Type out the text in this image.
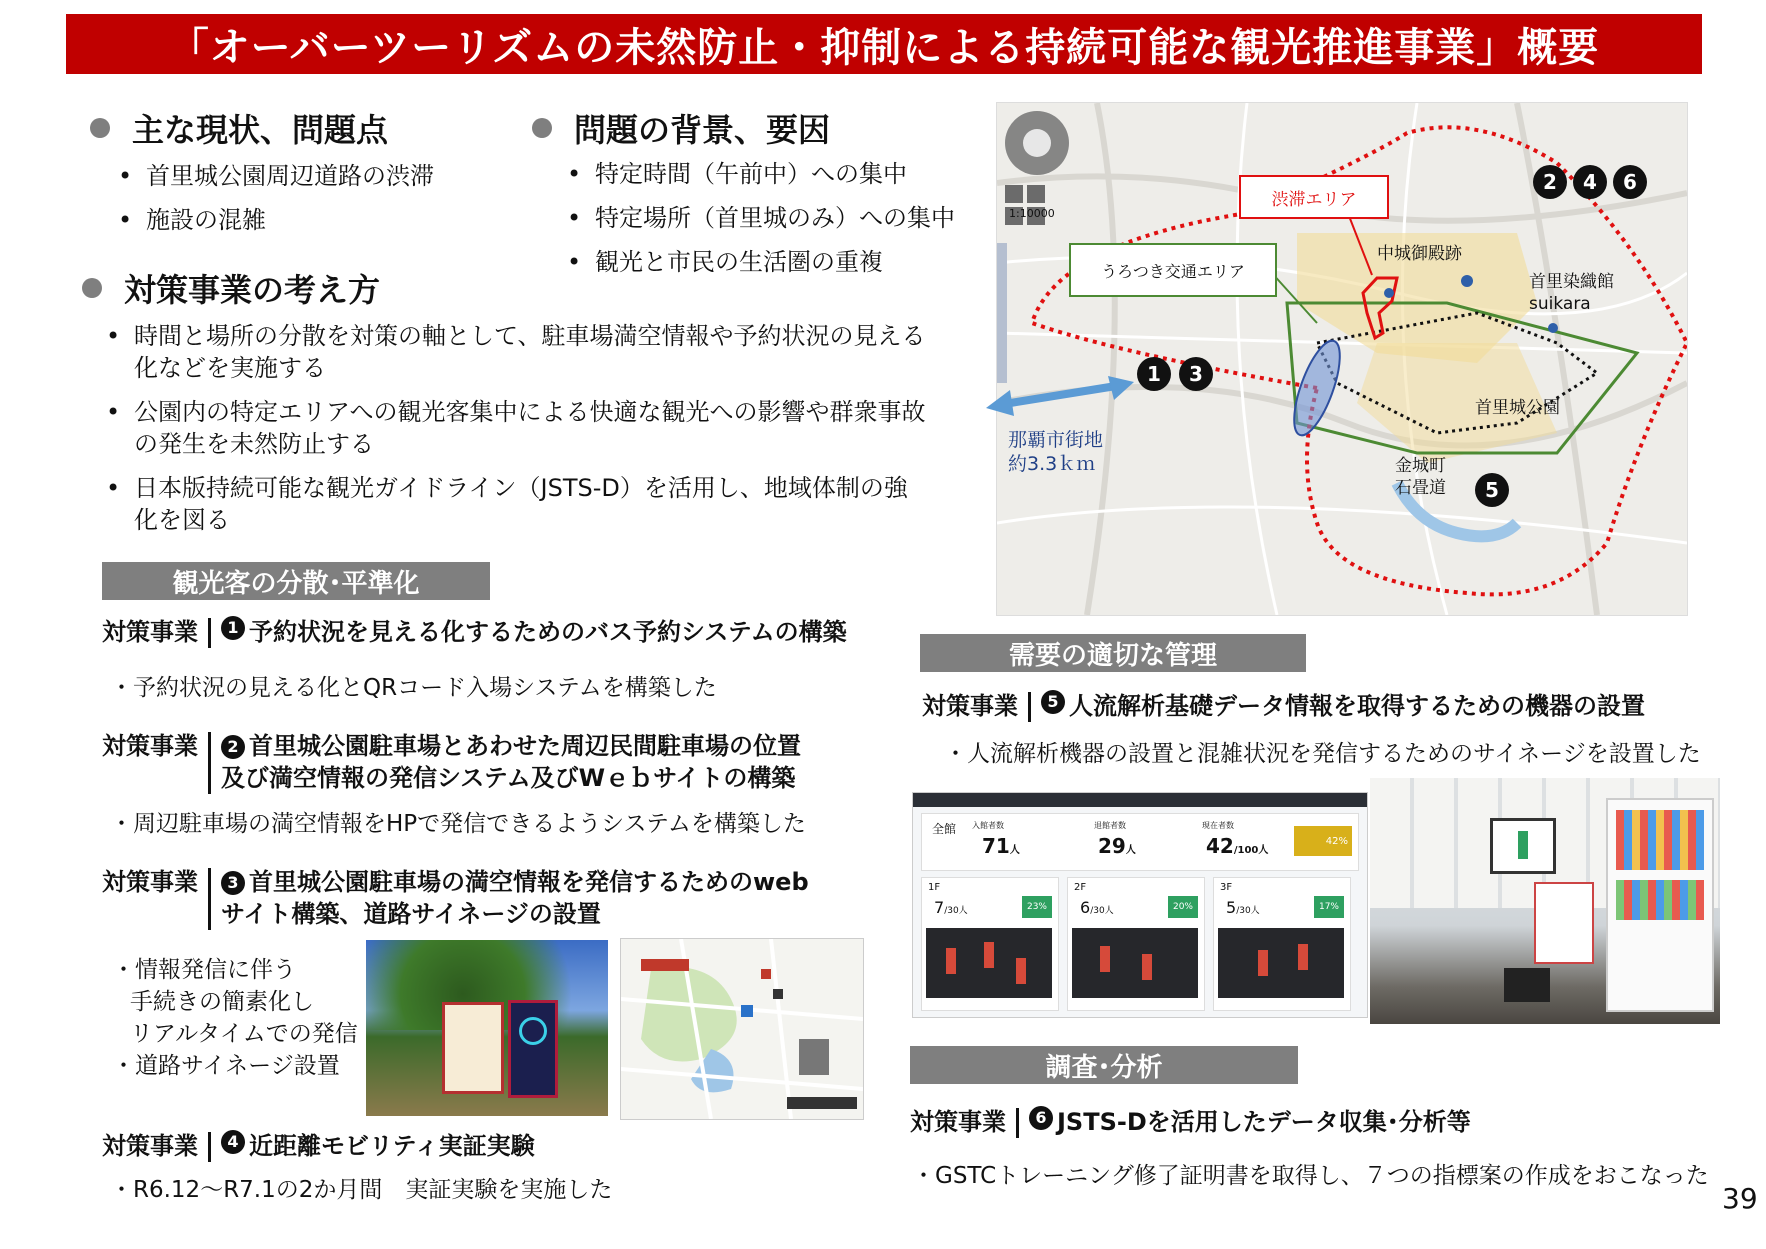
「オーバーツーリズムの未然防止・抑制による持続可能な観光推進事業」概要
主な現状、問題点
• 首里城公園周辺道路の渋滞
• 施設の混雑
問題の背景、要因
• 特定時間（午前中）への集中
• 特定場所（首里城のみ）への集中
• 観光と市民の生活圏の重複
対策事業の考え方
• 時間と場所の分散を対策の軸として、駐車場満空情報や予約状況の見える
化などを実施する
• 公園内の特定エリアへの観光客集中による快適な観光への影響や群衆事故
の発生を未然防止する
• 日本版持続可能な観光ガイドライン（JSTS-D）を活用し、地域体制の強
化を図る
1:10000
渋滞エリア
うろつき交通エリア
中城御殿跡
首里染織館
suikara
首里城公園
金城町
石畳道
2	4	6
1	3
5
那覇市街地
約3.3ｋｍ
観光客の分散･平準化
対策事業	1 予約状況を見える化するためのバス予約システムの構築
・予約状況の見える化とQRコード入場システムを構築した
対策事業	2 首里城公園駐車場とあわせた周辺民間駐車場の位置
及び満空情報の発信システム及びWｅｂサイトの構築
・周辺駐車場の満空情報をHPで発信できるようシステムを構築した
対策事業	3 首里城公園駐車場の満空情報を発信するためのweb
サイト構築、道路サイネージの設置
・情報発信に伴う
手続きの簡素化し
リアルタイムでの発信
・道路サイネージ設置
対策事業	4 近距離モビリティ実証実験
・R6.12～R7.1の2か月間　実証実験を実施した
需要の適切な管理
対策事業	5 人流解析基礎データ情報を取得するための機器の設置
・人流解析機器の設置と混雑状況を発信するためのサイネージを設置した
全館 入館者数
71人
退館者数
29人
現在者数
42/100人
42%
1F
7/30人	23%
2F
6/30人	20%
3F
5/30人	17%
調査･分析
対策事業	6 JSTS-Dを活用したデータ収集･分析等
・GSTCトレーニング修了証明書を取得し、７つの指標案の作成をおこなった
39
